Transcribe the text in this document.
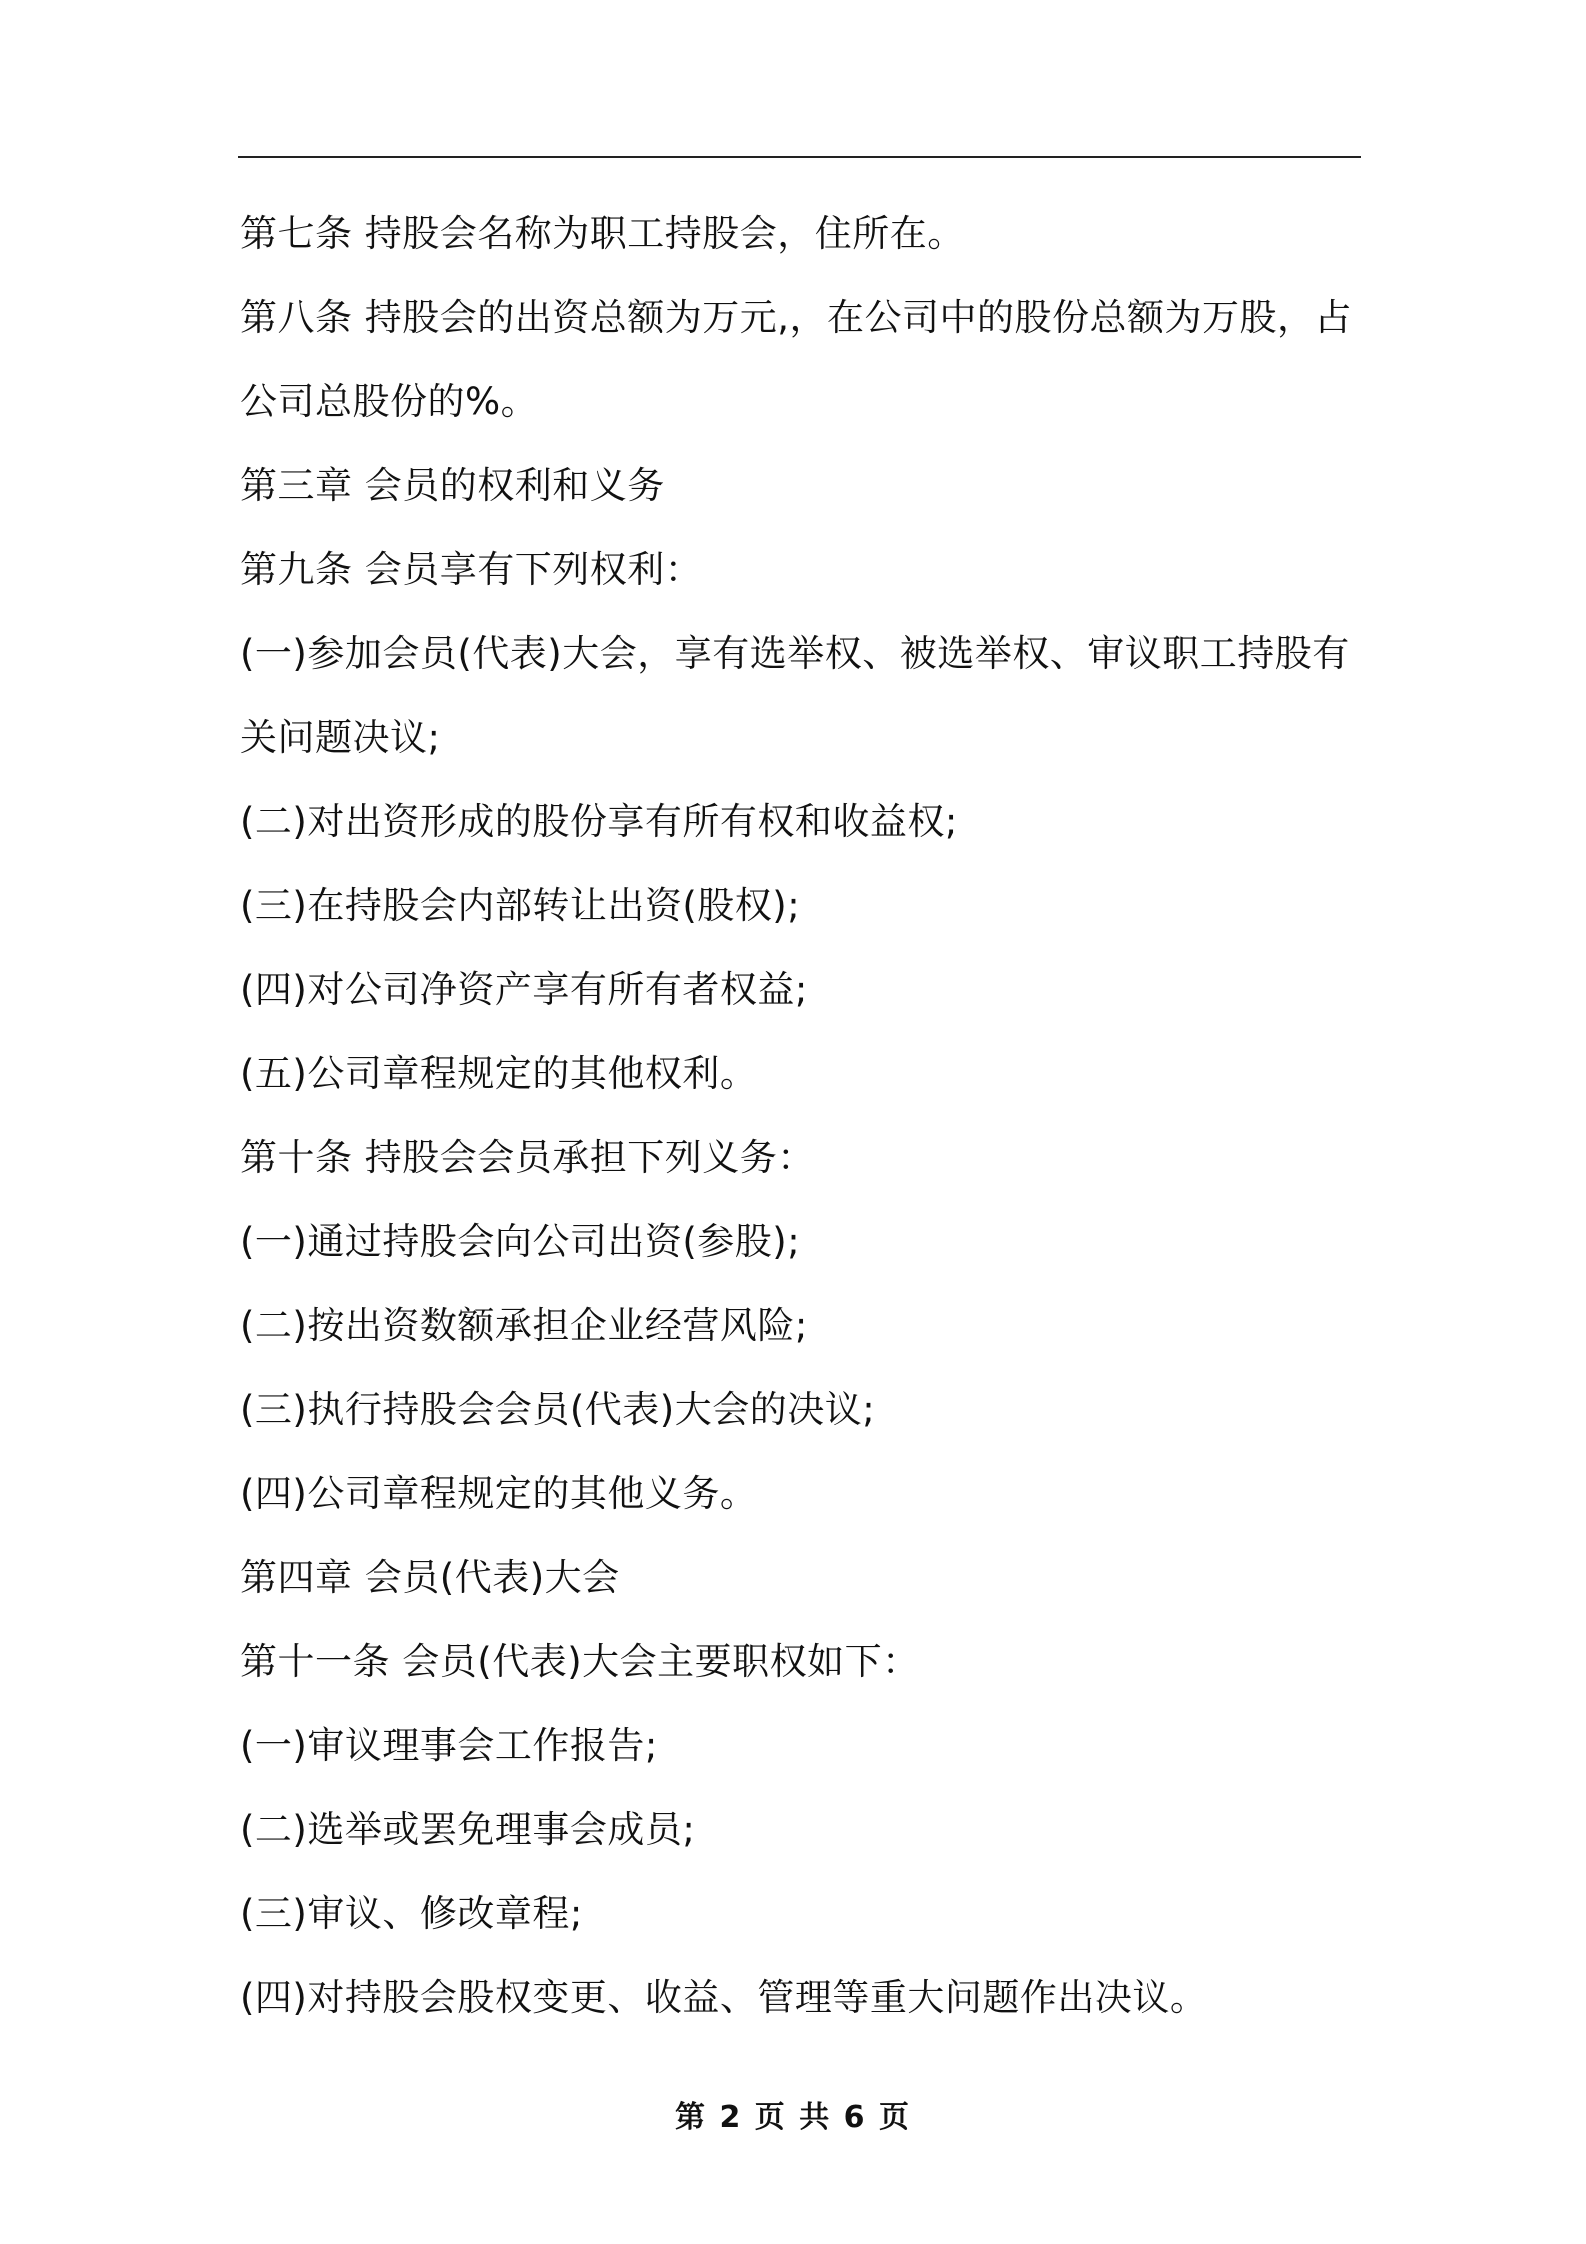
第七条 持股会名称为职工持股会，住所在。
第八条 持股会的出资总额为万元,，在公司中的股份总额为万股，占
公司总股份的%。
第三章 会员的权利和义务
第九条 会员享有下列权利：
(一)参加会员(代表)大会，享有选举权、被选举权、审议职工持股有
关问题决议;
(二)对出资形成的股份享有所有权和收益权;
(三)在持股会内部转让出资(股权);
(四)对公司净资产享有所有者权益;
(五)公司章程规定的其他权利。
第十条 持股会会员承担下列义务：
(一)通过持股会向公司出资(参股);
(二)按出资数额承担企业经营风险;
(三)执行持股会会员(代表)大会的决议;
(四)公司章程规定的其他义务。
第四章 会员(代表)大会
第十一条 会员(代表)大会主要职权如下：
(一)审议理事会工作报告;
(二)选举或罢免理事会成员;
(三)审议、修改章程;
(四)对持股会股权变更、收益、管理等重大问题作出决议。
第 2 页 共 6 页
